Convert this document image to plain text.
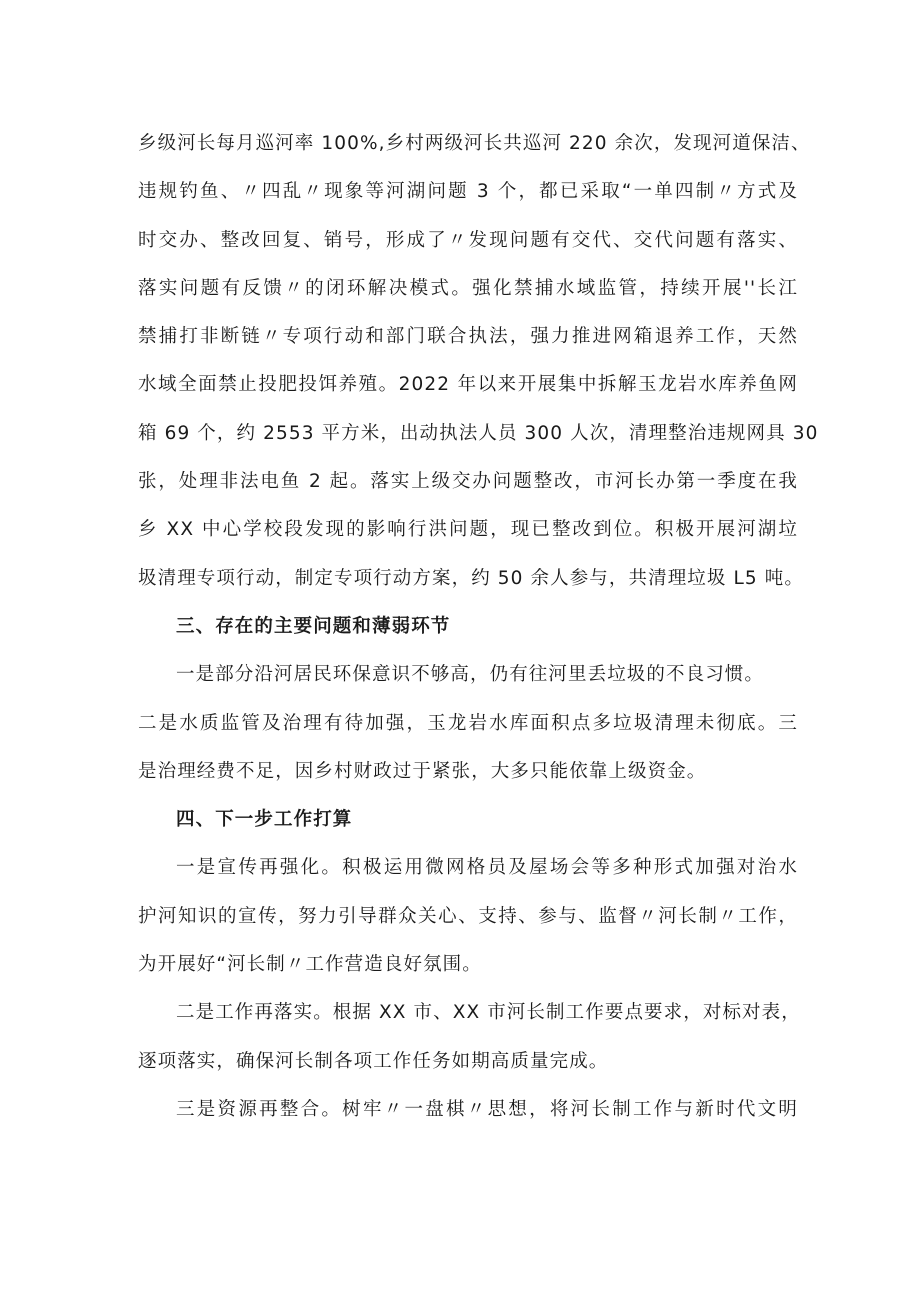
乡级河长每月巡河率 100%,乡村两级河长共巡河 220 余次，发现河道保洁、
违规钓鱼、〃四乱〃现象等河湖问题 3 个，都已采取“一单四制〃方式及
时交办、整改回复、销号，形成了〃发现问题有交代、交代问题有落实、
落实问题有反馈〃的闭环解决模式。强化禁捕水域监管，持续开展''长江
禁捕打非断链〃专项行动和部门联合执法，强力推进网箱退养工作，天然
水域全面禁止投肥投饵养殖。2022 年以来开展集中拆解玉龙岩水库养鱼网
箱 69 个，约 2553 平方米，出动执法人员 300 人次，清理整治违规网具 30
张，处理非法电鱼 2 起。落实上级交办问题整改，市河长办第一季度在我
乡 XX 中心学校段发现的影响行洪问题，现已整改到位。积极开展河湖垃
圾清理专项行动，制定专项行动方案，约 50 余人参与，共清理垃圾 L5 吨。
三、存在的主要问题和薄弱环节
一是部分沿河居民环保意识不够高，仍有往河里丢垃圾的不良习惯。
二是水质监管及治理有待加强，玉龙岩水库面积点多垃圾清理未彻底。三
是治理经费不足，因乡村财政过于紧张，大多只能依靠上级资金。
四、下一步工作打算
一是宣传再强化。积极运用微网格员及屋场会等多种形式加强对治水
护河知识的宣传，努力引导群众关心、支持、参与、监督〃河长制〃工作，
为开展好“河长制〃工作营造良好氛围。
二是工作再落实。根据 XX 市、XX 市河长制工作要点要求，对标对表，
逐项落实，确保河长制各项工作任务如期高质量完成。
三是资源再整合。树牢〃一盘棋〃思想，将河长制工作与新时代文明
